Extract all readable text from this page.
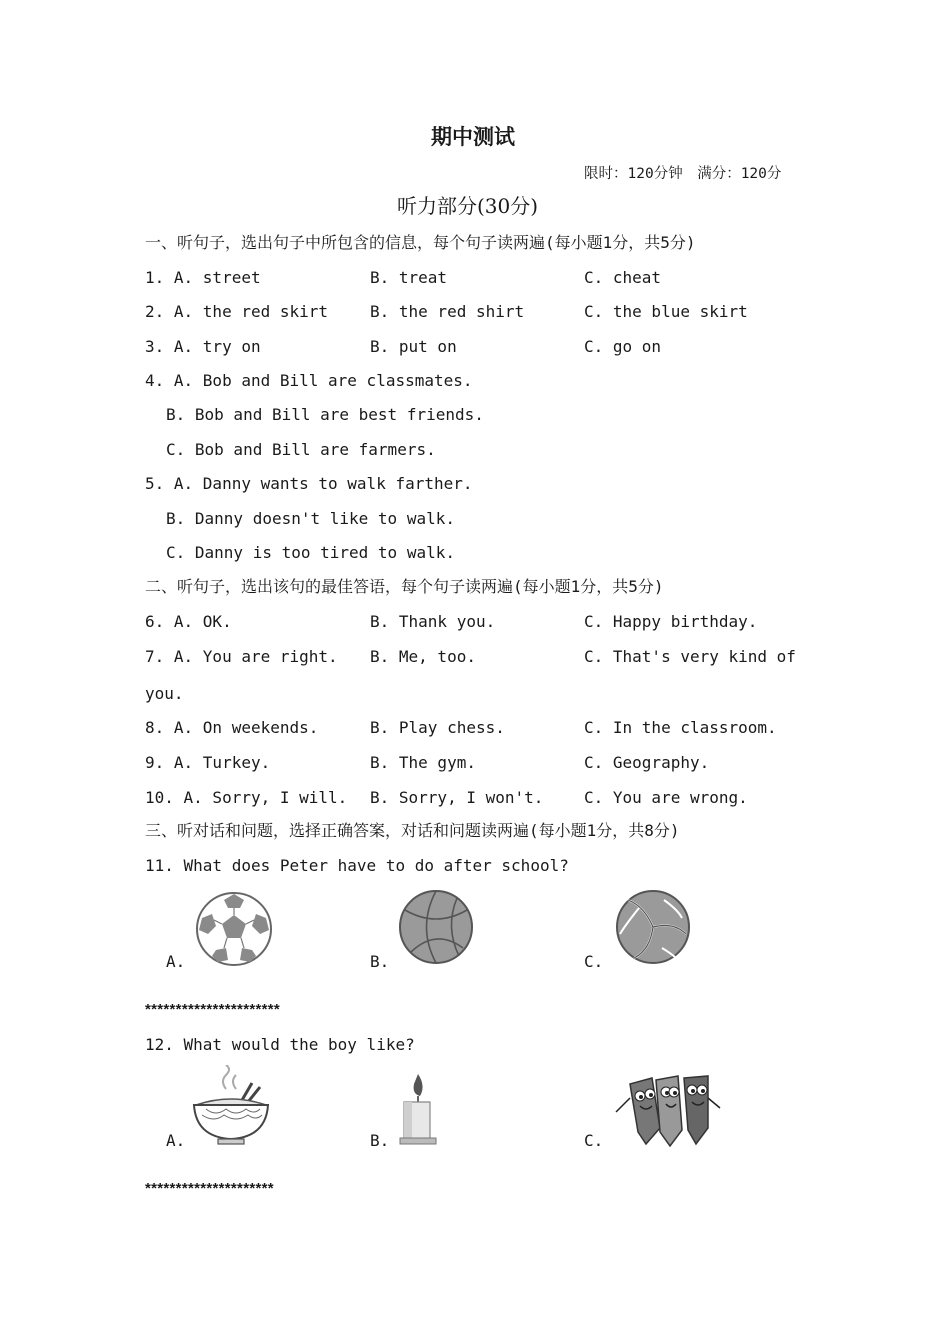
期中测试
限时：120分钟　满分：120分
听力部分(30分)
一、听句子，选出句子中所包含的信息，每个句子读两遍(每小题1分，共5分)
1. A. street	B. treat	C. cheat
2. A. the red skirt	B. the red shirt	C. the blue skirt
3. A. try on	B. put on	C. go on
4. A. Bob and Bill are classmates.
B. Bob and Bill are best friends.
C. Bob and Bill are farmers.
5. A. Danny wants to walk farther.
B. Danny doesn't like to walk.
C. Danny is too tired to walk.
二、听句子，选出该句的最佳答语，每个句子读两遍(每小题1分，共5分)
6. A. OK.	B. Thank you.	C. Happy birthday.
7. A. You are right. B. Me, too.	C. That's very kind of
you.
8. A. On weekends.	B. Play chess.	C. In the classroom.
9. A. Turkey.	B. The gym.	C. Geography.
10. A. Sorry, I will. B. Sorry, I won't.	C. You are wrong.
三、听对话和问题，选择正确答案，对话和问题读两遍(每小题1分，共8分)
11. What does Peter have to do after school?
A.	B.	C.
**********************
12. What would the boy like?
A.	B.	C.
*********************
